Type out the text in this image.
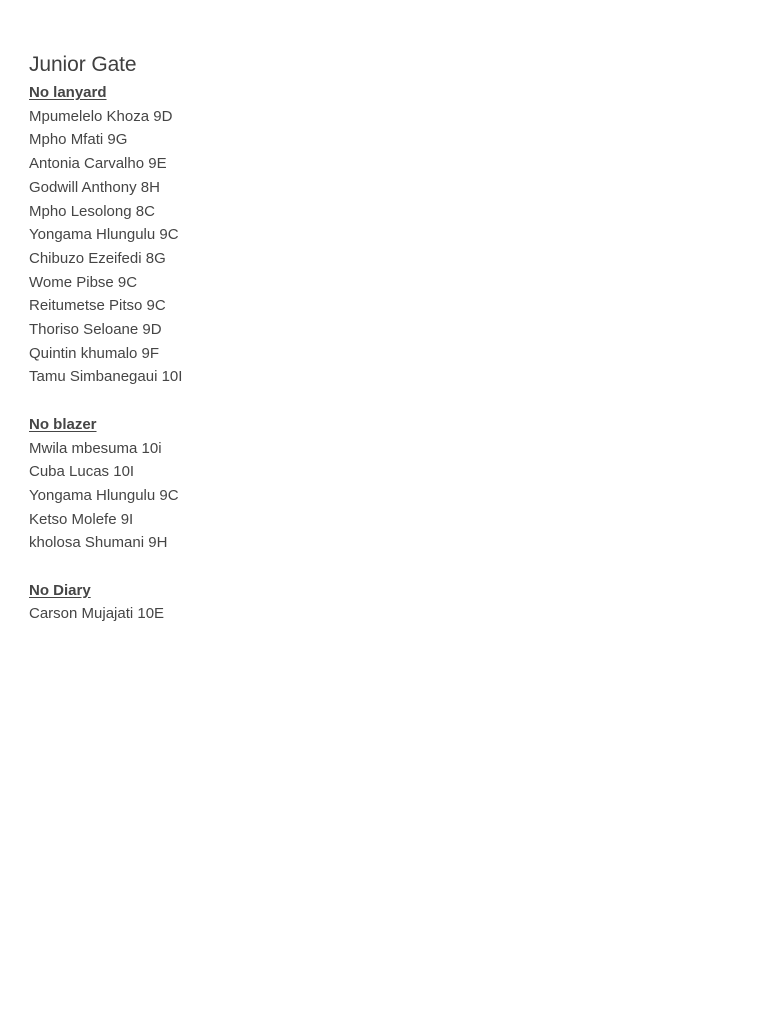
Junior Gate

No lanyard

Mpumelelo Khoza 9D
Mpho Mfati 9G
Antonia Carvalho 9E
Godwill Anthony 8H
Mpho Lesolong 8C
Yongama Hlungulu 9C
Chibuzo Ezeifedi 8G
Wome Pibse 9C
Reitumetse Pitso 9C
Thoriso Seloane 9D
Quintin khumalo 9F
Tamu Simbanegaui 10I

No blazer

Mwila mbesuma 10i
Cuba Lucas 10I
Yongama Hlungulu 9C
Ketso Molefe 9I
kholosa Shumani 9H

No Diary

Carson Mujajati 10E
